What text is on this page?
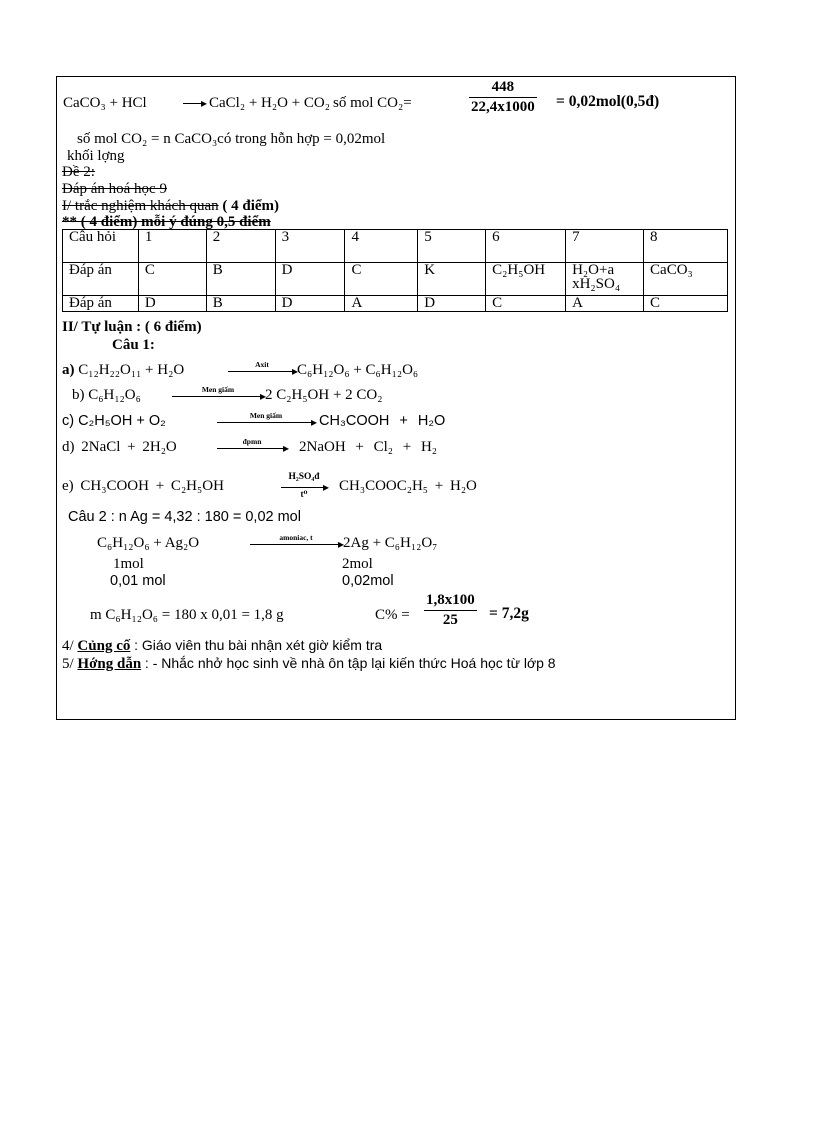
CaCO₃ + HCl	▸ CaCl₂ + H₂O + CO₂ số mol CO₂=	$\frac{448}{22,4x1000}$ = 0,02mol(0,5đ)
số mol CO₂ = n CaCO₃có trong hỗn hợp = 0,02mol
khối lợng
Đề 2:
Đáp án hoá học 9
I/ trắc nghiệm khách quan ( 4 điểm)
** ( 4 điểm) mỗi ý đúng 0,5 điểm
Câu hỏi	1	2	3	4	5	6	7	8
Đáp án	C	B	D	C	K	C₂H₅OH	H₂O+a xH₂SO₄	CaCO₃
Đáp án	D	B	D	A	D	C	A	C
II/ Tự luận : ( 6 điểm)
Câu 1:
a) C₁₂H₂₂O₁₁ + H₂O	Axit	▸ C₆H₁₂O₆ + C₆H₁₂O₆
b) C₆H₁₂O₆	Men giấm	▸ 2 C₂H₅OH + 2 CO₂
c) C₂H₅OH + O₂	Men giấm	▸ CH₃COOH + H₂O
d) 2NaCl + 2H₂O	đpmn	▸ 2NaOH + Cl₂ + H₂
e) CH₃COOH + C₂H₅OH
H₂SO₄đ
▸
t⁰	CH₃COOC₂H₅ + H₂O
Câu 2 : n Ag = 4,32 : 180 = 0,02 mol
C₆H₁₂O₆ + Ag₂O	amoniac, t	▸ 2Ag + C₆H₁₂O₇
1mol
0,01 mol
2mol
0,02mol
m C₆H₁₂O₆ = 180 x 0,01 = 1,8 g	$C\% = \frac{1,8x100}{25} = 7,2g$
4/ Củng cố : Giáo viên thu bài nhận xét giờ kiểm tra
5/ Hớng dẫn : - Nhắc nhở học sinh về nhà ôn tập lại kiến thức Hoá học từ lớp 8
